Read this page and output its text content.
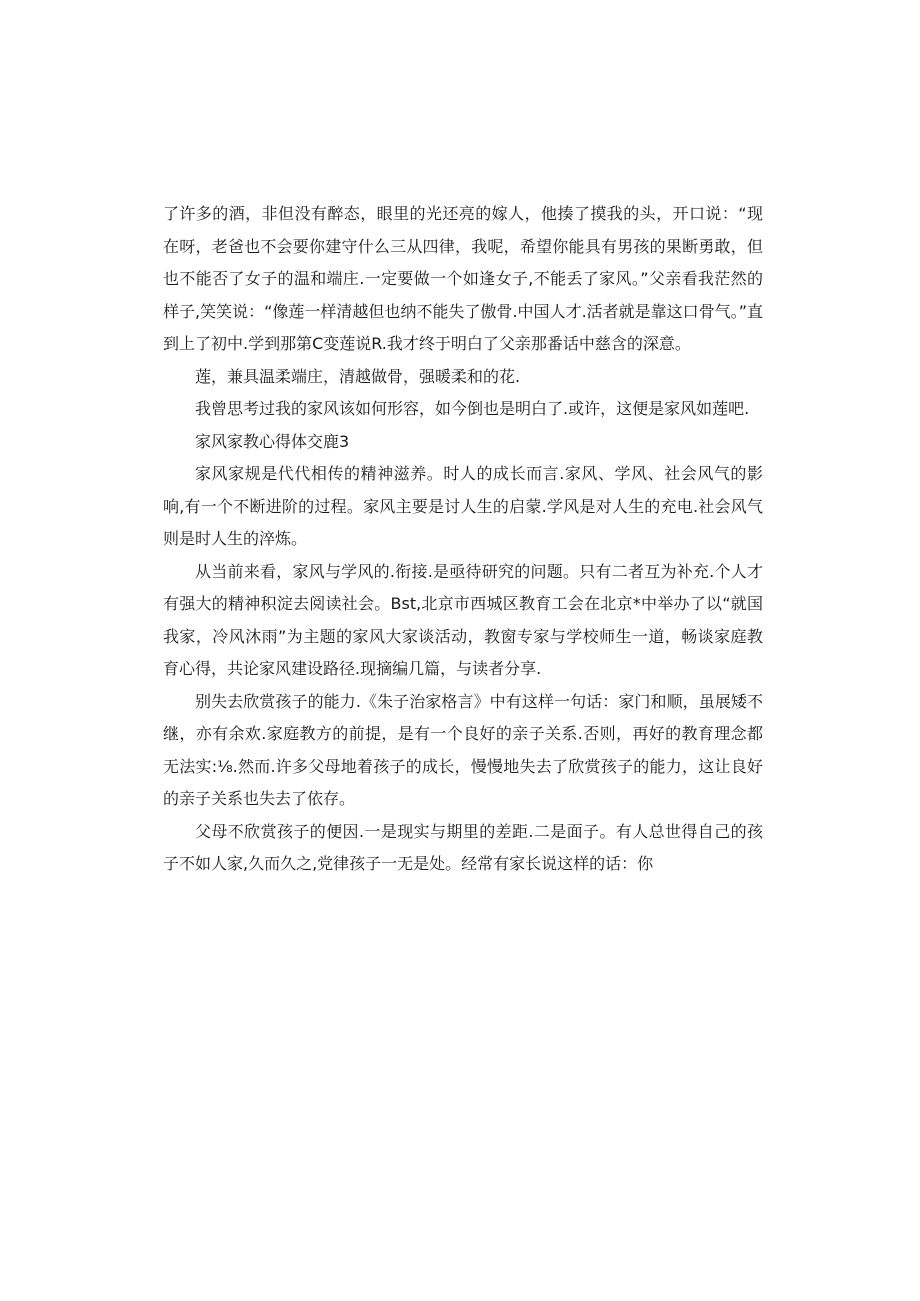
了许多的酒，非但没有醉态，眼里的光还亮的嫁人，他揍了摸我的头，开口说：“现在呀，老爸也不会要你建守什么三从四律，我呢，希望你能具有男孩的果断勇敢，但也不能否了女子的温和端庄.一定要做一个如逢女子,不能丢了家风。”父亲看我茫然的样子,笑笑说：“像莲一样清越但也纳不能失了傲骨.中国人才.活者就是靠这口骨气。”直到上了初中.学到那第C变莲说R.我才终于明白了父亲那番话中慈含的深意。

莲，兼具温柔端庄，清越做骨，强暖柔和的花.

我曾思考过我的家风该如何形容，如今倒也是明白了.或许，这便是家风如莲吧.

家风家教心得体交鹿3

家风家规是代代相传的精神滋养。时人的成长而言.家风、学风、社会风气的影响,有一个不断进阶的过程。家风主要是讨人生的启蒙.学风是对人生的充电.社会风气则是时人生的淬炼。

从当前来看，家风与学风的.衔接.是亟待研究的问题。只有二者互为补充.个人才有强大的精神积淀去阅读社会。Bst,北京市西城区教育工会在北京*中举办了以“就国我家，冷风沐雨”为主题的家风大家谈活动，教窗专家与学校师生一道，畅谈家庭教育心得，共论家风建设路径.现摘编几篇，与读者分享.

别失去欣赏孩子的能力.《朱子治家格言》中有这样一句话：家门和顺，虽展矮不继，亦有余欢.家庭教方的前提，是有一个良好的亲子关系.否则，再好的教育理念都无法实:⅛.然而.许多父母地着孩子的成长，慢慢地失去了欣赏孩子的能力，这让良好的亲子关系也失去了依存。

父母不欣赏孩子的便因.一是现实与期里的差距.二是面子。有人总世得自己的孩子不如人家,久而久之,党律孩子一无是处。经常有家长说这样的话：你
